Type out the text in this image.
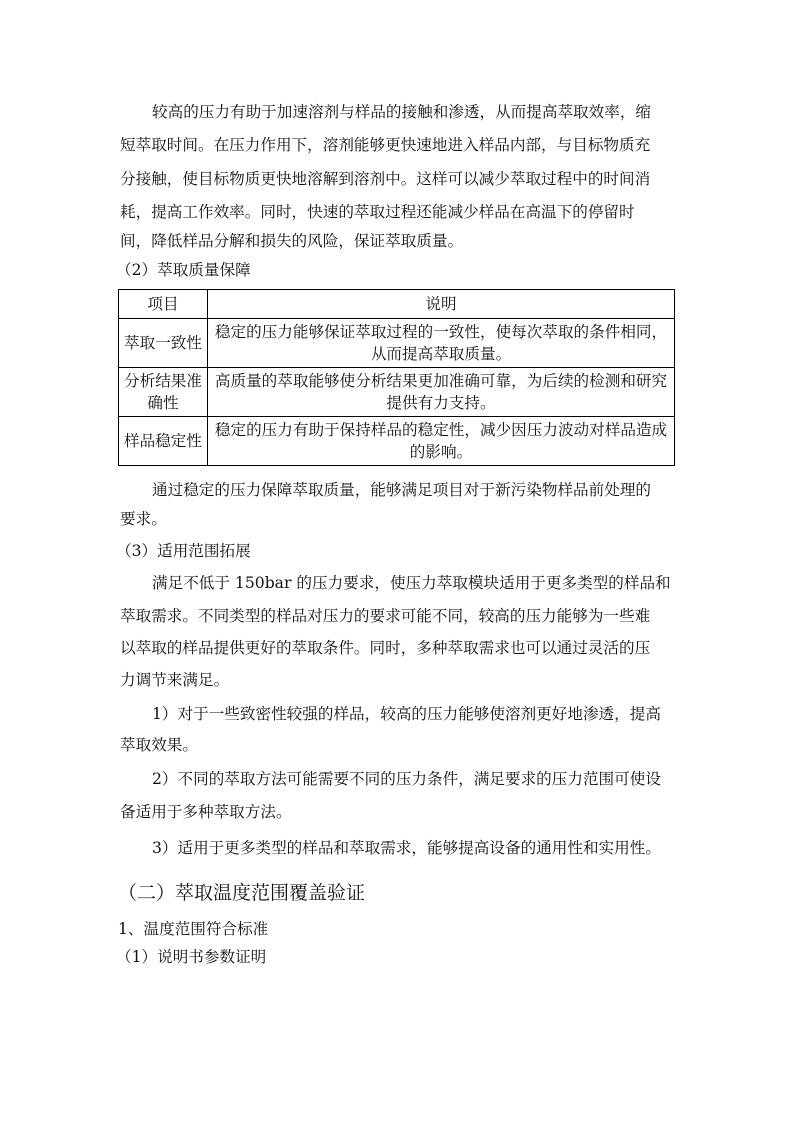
较高的压力有助于加速溶剂与样品的接触和渗透，从而提高萃取效率，缩
短萃取时间。在压力作用下，溶剂能够更快速地进入样品内部，与目标物质充
分接触，使目标物质更快地溶解到溶剂中。这样可以减少萃取过程中的时间消
耗，提高工作效率。同时，快速的萃取过程还能减少样品在高温下的停留时
间，降低样品分解和损失的风险，保证萃取质量。
（2）萃取质量保障
项目	说明

萃取一致性	稳定的压力能够保证萃取过程的一致性，使每次萃取的条件相同，
从而提高萃取质量。

分析结果准
确性	高质量的萃取能够使分析结果更加准确可靠，为后续的检测和研究
提供有力支持。

样品稳定性	稳定的压力有助于保持样品的稳定性，减少因压力波动对样品造成
的影响。
通过稳定的压力保障萃取质量，能够满足项目对于新污染物样品前处理的
要求。
（3）适用范围拓展
满足不低于 150bar 的压力要求，使压力萃取模块适用于更多类型的样品和
萃取需求。不同类型的样品对压力的要求可能不同，较高的压力能够为一些难
以萃取的样品提供更好的萃取条件。同时，多种萃取需求也可以通过灵活的压
力调节来满足。
1）对于一些致密性较强的样品，较高的压力能够使溶剂更好地渗透，提高
萃取效果。
2）不同的萃取方法可能需要不同的压力条件，满足要求的压力范围可使设
备适用于多种萃取方法。
3）适用于更多类型的样品和萃取需求，能够提高设备的通用性和实用性。
（二）萃取温度范围覆盖验证
1、温度范围符合标准
（1）说明书参数证明
